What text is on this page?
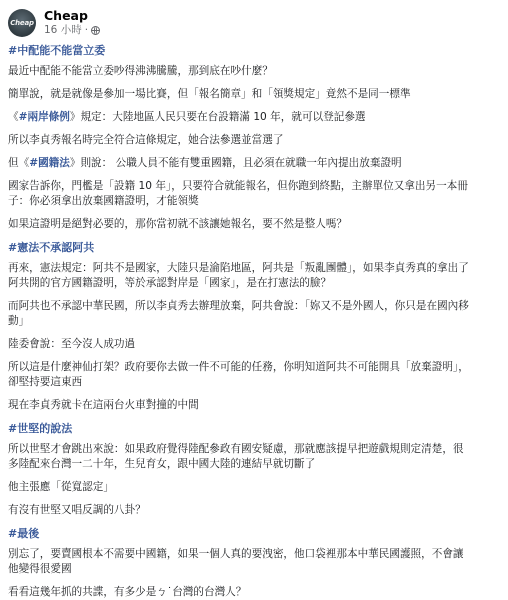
Cheap Cheap
16 小時 ·
#中配能不能當立委
最近中配能不能當立委吵得沸沸騰騰，那到底在吵什麼？
簡單說，就是就像是參加一場比賽，但「報名簡章」和「領獎規定」竟然不是同一標準
《#兩岸條例》規定：大陸地區人民只要在台設籍滿 10 年，就可以登記參選
所以李貞秀報名時完全符合這條規定，她合法參選並當選了
但《#國籍法》則說： 公職人員不能有雙重國籍，且必須在就職一年內提出放棄證明
國家告訴你，門檻是「設籍 10 年」，只要符合就能報名，但你跑到終點，主辦單位又拿出另一本冊
子：你必須拿出放棄國籍證明，才能領獎
如果這證明是絕對必要的，那你當初就不該讓她報名，要不然是整人嗎？
#憲法不承認阿共
再來，憲法規定：阿共不是國家，大陸只是淪陷地區，阿共是「叛亂團體」，如果李貞秀真的拿出了
阿共開的官方國籍證明，等於承認對岸是「國家」，是在打憲法的臉？
而阿共也不承認中華民國，所以李貞秀去辦理放棄，阿共會說：「妳又不是外國人，你只是在國內移
動」
陸委會說：至今沒人成功過
所以這是什麼神仙打架？政府要你去做一件不可能的任務，你明知道阿共不可能開具「放棄證明」，
卻堅持要這東西
現在李貞秀就卡在這兩台火車對撞的中間
#世堅的說法
所以世堅才會跳出來說：如果政府覺得陸配參政有國安疑慮，那就應該提早把遊戲規則定清楚，很
多陸配來台灣一二十年，生兒育女，跟中國大陸的連結早就切斷了
他主張應「從寬認定」
有沒有世堅又唱反調的八卦？
#最後
別忘了，要賣國根本不需要中國籍，如果一個人真的要洩密，他口袋裡那本中華民國護照，不會讓
他變得很愛國
看看這幾年抓的共諜，有多少是ㄅ˙台灣的台灣人？
